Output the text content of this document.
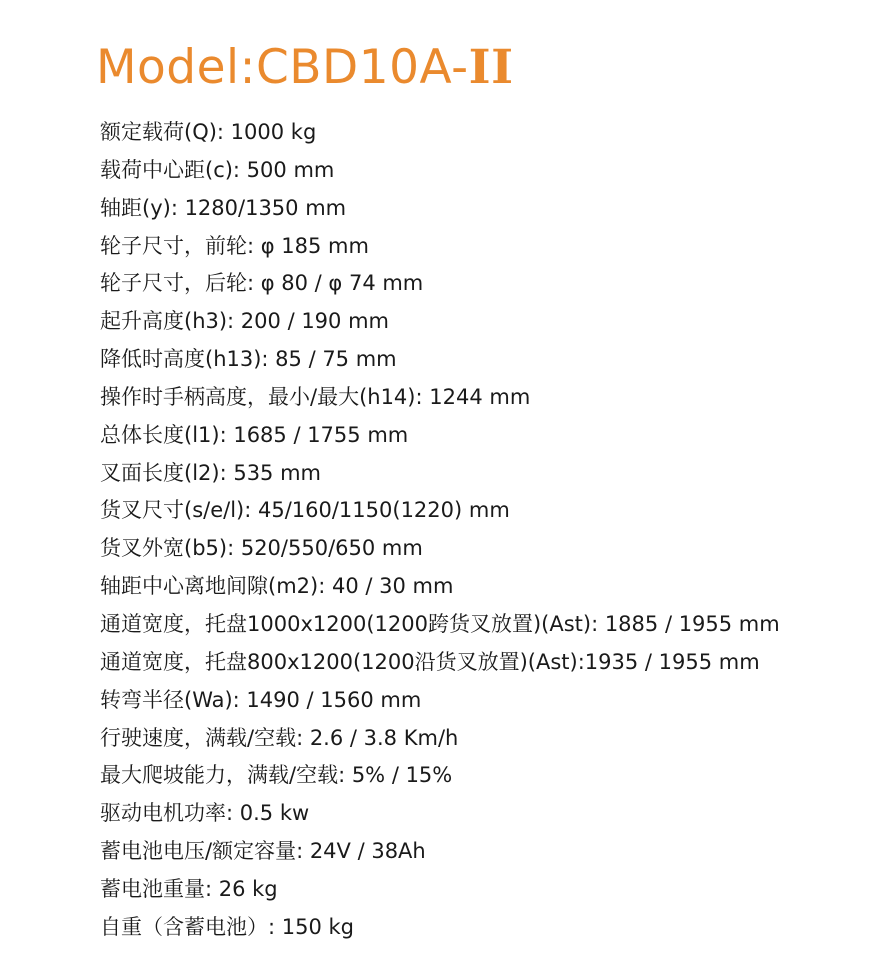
Model:CBD10A-II
额定载荷(Q): 1000 kg
载荷中心距(c): 500 mm
轴距(y): 1280/1350 mm
轮子尺寸，前轮: φ 185 mm
轮子尺寸，后轮: φ 80 / φ 74 mm
起升高度(h3): 200 / 190 mm
降低时高度(h13): 85 / 75 mm
操作时手柄高度，最小/最大(h14): 1244 mm
总体长度(l1): 1685 / 1755 mm
叉面长度(l2): 535 mm
货叉尺寸(s/e/l): 45/160/1150(1220) mm
货叉外宽(b5): 520/550/650 mm
轴距中心离地间隙(m2): 40 / 30 mm
通道宽度，托盘1000x1200(1200跨货叉放置)(Ast): 1885 / 1955 mm
通道宽度，托盘800x1200(1200沿货叉放置)(Ast):1935 / 1955 mm
转弯半径(Wa): 1490 / 1560 mm
行驶速度，满载/空载: 2.6 / 3.8 Km/h
最大爬坡能力，满载/空载: 5% / 15%
驱动电机功率: 0.5 kw
蓄电池电压/额定容量: 24V / 38Ah
蓄电池重量: 26 kg
自重（含蓄电池）: 150 kg
